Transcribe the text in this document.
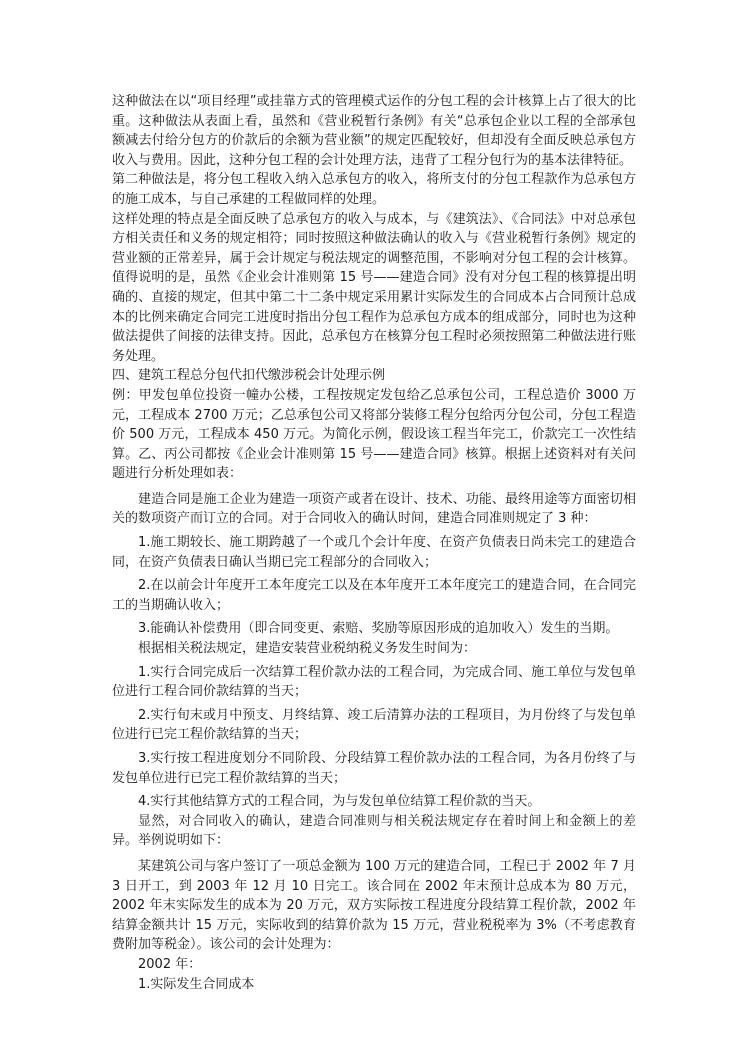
这种做法在以“项目经理”或挂靠方式的管理模式运作的分包工程的会计核算上占了很大的比重。这种做法从表面上看，虽然和《营业税暂行条例》有关“总承包企业以工程的全部承包额减去付给分包方的价款后的余额为营业额”的规定匹配较好，但却没有全面反映总承包方收入与费用。因此，这种分包工程的会计处理方法，违背了工程分包行为的基本法律特征。

第二种做法是，将分包工程收入纳入总承包方的收入，将所支付的分包工程款作为总承包方的施工成本，与自己承建的工程做同样的处理。

这样处理的特点是全面反映了总承包方的收入与成本，与《建筑法》、《合同法》中对总承包方相关责任和义务的规定相符；同时按照这种做法确认的收入与《营业税暂行条例》规定的营业额的正常差异，属于会计规定与税法规定的调整范围，不影响对分包工程的会计核算。值得说明的是，虽然《企业会计准则第 15 号——建造合同》没有对分包工程的核算提出明确的、直接的规定，但其中第二十二条中规定采用累计实际发生的合同成本占合同预计总成本的比例来确定合同完工进度时指出分包工程作为总承包方成本的组成部分，同时也为这种做法提供了间接的法律支持。因此，总承包方在核算分包工程时必须按照第二种做法进行账务处理。

四、建筑工程总分包代扣代缴涉税会计处理示例

例：甲发包单位投资一幢办公楼，工程按规定发包给乙总承包公司，工程总造价 3000 万元，工程成本 2700 万元；乙总承包公司又将部分装修工程分包给丙分包公司，分包工程造价 500 万元，工程成本 450 万元。为简化示例，假设该工程当年完工，价款完工一次性结算。乙、丙公司都按《企业会计准则第 15 号——建造合同》核算。根据上述资料对有关问题进行分析处理如表：

建造合同是施工企业为建造一项资产或者在设计、技术、功能、最终用途等方面密切相关的数项资产而订立的合同。对于合同收入的确认时间，建造合同准则规定了 3 种：

1.施工期较长、施工期跨越了一个或几个会计年度、在资产负债表日尚未完工的建造合同，在资产负债表日确认当期已完工程部分的合同收入；

2.在以前会计年度开工本年度完工以及在本年度开工本年度完工的建造合同，在合同完工的当期确认收入；

3.能确认补偿费用（即合同变更、索赔、奖励等原因形成的追加收入）发生的当期。

根据相关税法规定，建造安装营业税纳税义务发生时间为：

1.实行合同完成后一次结算工程价款办法的工程合同，为完成合同、施工单位与发包单位进行工程合同价款结算的当天；

2.实行旬末或月中预支、月终结算、竣工后清算办法的工程项目，为月份终了与发包单位进行已完工程价款结算的当天；

3.实行按工程进度划分不同阶段、分段结算工程价款办法的工程合同，为各月份终了与发包单位进行已完工程价款结算的当天；

4.实行其他结算方式的工程合同，为与发包单位结算工程价款的当天。

显然，对合同收入的确认，建造合同准则与相关税法规定存在着时间上和金额上的差异。举例说明如下：

某建筑公司与客户签订了一项总金额为 100 万元的建造合同，工程已于 2002 年 7 月 3 日开工，到 2003 年 12 月 10 日完工。该合同在 2002 年末预计总成本为 80 万元，2002 年末实际发生的成本为 20 万元，双方实际按工程进度分段结算工程价款，2002 年结算金额共计 15 万元，实际收到的结算价款为 15 万元，营业税税率为 3%（不考虑教育费附加等税金）。该公司的会计处理为：

2002 年：

1.实际发生合同成本
